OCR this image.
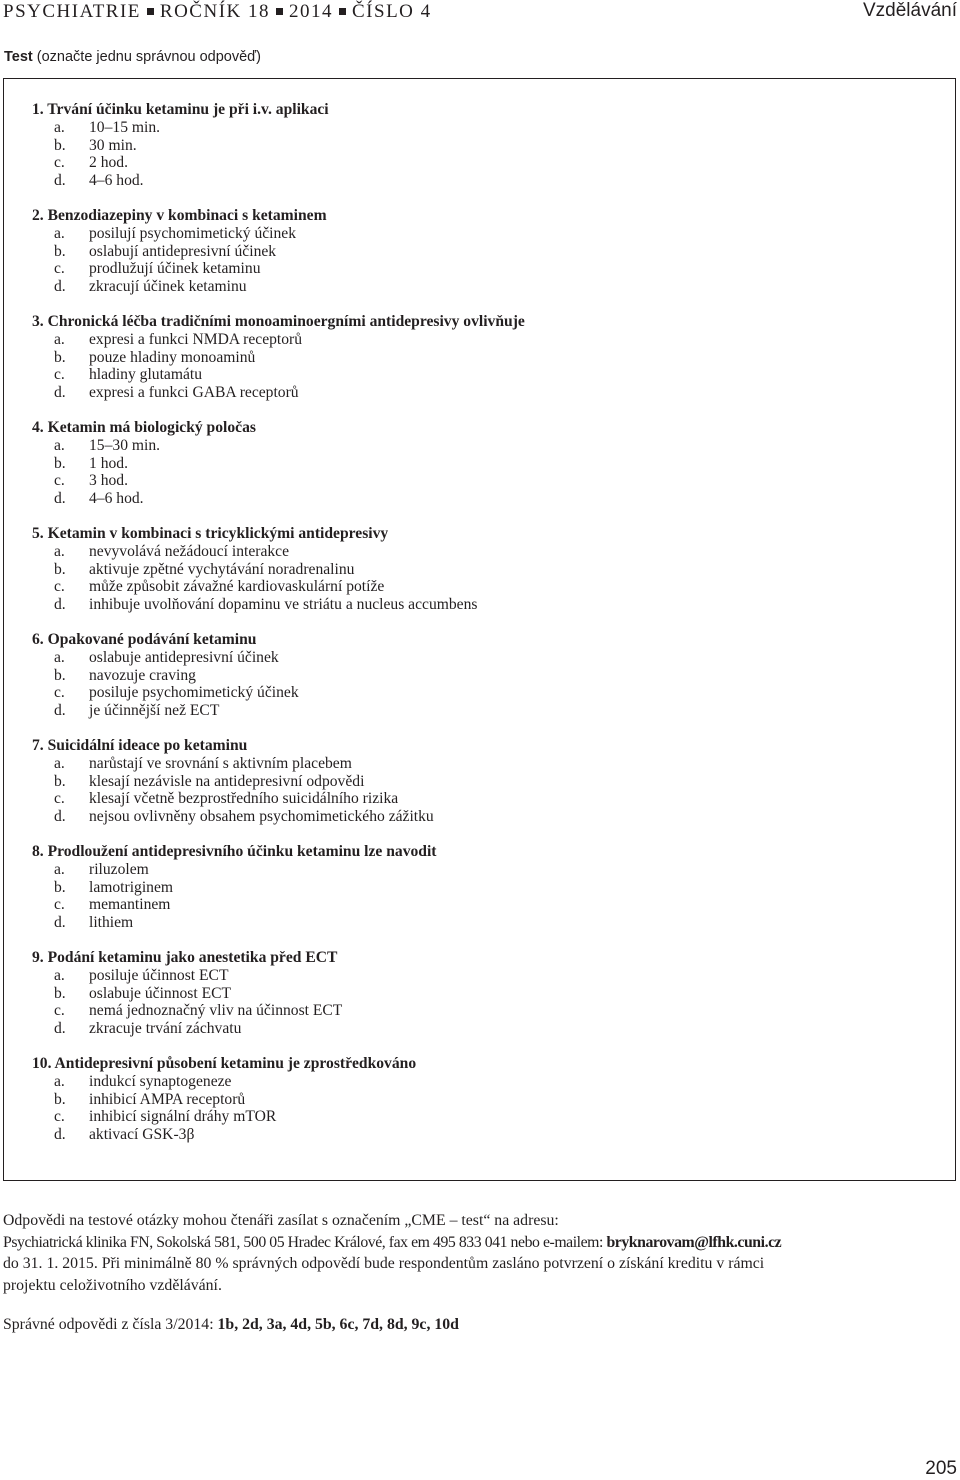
PSYCHIATRIE ROČNÍK 18 2014 ČÍSLO 4	Vzdělávání
Test (označte jednu správnou odpověď)
1. Trvání účinku ketaminu je při i.v. aplikaci
a. 10–15 min.
b. 30 min.
c. 2 hod.
d. 4–6 hod.
2. Benzodiazepiny v kombinaci s ketaminem
a. posilují psychomimetický účinek
b. oslabují antidepresivní účinek
c. prodlužují účinek ketaminu
d. zkracují účinek ketaminu
3. Chronická léčba tradičními monoaminoergními antidepresivy ovlivňuje
a. expresi a funkci NMDA receptorů
b. pouze hladiny monoaminů
c. hladiny glutamátu
d. expresi a funkci GABA receptorů
4. Ketamin má biologický poločas
a. 15–30 min.
b. 1 hod.
c. 3 hod.
d. 4–6 hod.
5. Ketamin v kombinaci s tricyklickými antidepresivy
a. nevyvolává nežádoucí interakce
b. aktivuje zpětné vychytávání noradrenalinu
c. může způsobit závažné kardiovaskulární potíže
d. inhibuje uvolňování dopaminu ve striátu a nucleus accumbens
6. Opakované podávání ketaminu
a. oslabuje antidepresivní účinek
b. navozuje craving
c. posiluje psychomimetický účinek
d. je účinnější než ECT
7. Suicidální ideace po ketaminu
a. narůstají ve srovnání s aktivním placebem
b. klesají nezávisle na antidepresivní odpovědi
c. klesají včetně bezprostředního suicidálního rizika
d. nejsou ovlivněny obsahem psychomimetického zážitku
8. Prodloužení antidepresivního účinku ketaminu lze navodit
a. riluzolem
b. lamotriginem
c. memantinem
d. lithiem
9. Podání ketaminu jako anestetika před ECT
a. posiluje účinnost ECT
b. oslabuje účinnost ECT
c. nemá jednoznačný vliv na účinnost ECT
d. zkracuje trvání záchvatu
10. Antidepresivní působení ketaminu je zprostředkováno
a. indukcí synaptogeneze
b. inhibicí AMPA receptorů
c. inhibicí signální dráhy mTOR
d. aktivací GSK-3β
Odpovědi na testové otázky mohou čtenáři zasílat s označením „CME – test“ na adresu:
Psychiatrická klinika FN, Sokolská 581, 500 05 Hradec Králové, fax em 495 833 041 nebo e-mailem: bryknarovam@lfhk.cuni.cz
do 31. 1. 2015. Při minimálně 80 % správných odpovědí bude respondentům zasláno potvrzení o získání kreditu v rámci
projektu celoživotního vzdělávání.
Správné odpovědi z čísla 3/2014: 1b, 2d, 3a, 4d, 5b, 6c, 7d, 8d, 9c, 10d
205
